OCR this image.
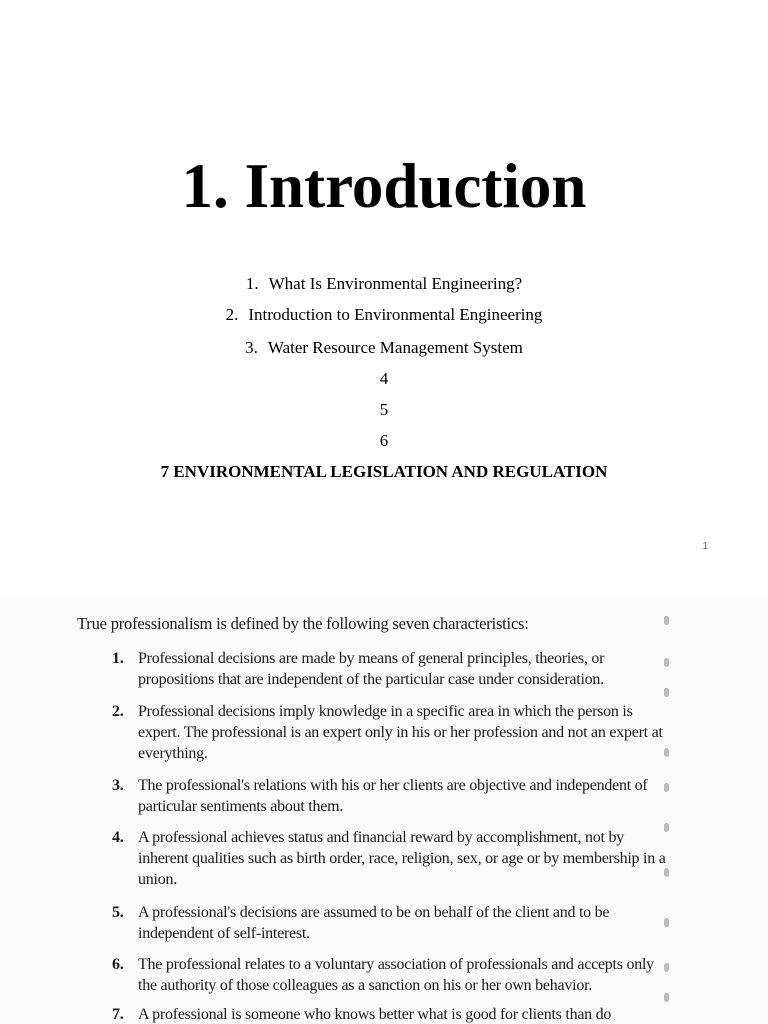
1. Introduction
1. What Is Environmental Engineering?
2. Introduction to Environmental Engineering
3. Water Resource Management System
4
5
6
7 ENVIRONMENTAL LEGISLATION AND REGULATION
1
True professionalism is defined by the following seven characteristics:
1. Professional decisions are made by means of general principles, theories, or propositions that are independent of the particular case under consideration.
2. Professional decisions imply knowledge in a specific area in which the person is expert. The professional is an expert only in his or her profession and not an expert at everything.
3. The professional's relations with his or her clients are objective and independent of particular sentiments about them.
4. A professional achieves status and financial reward by accomplishment, not by inherent qualities such as birth order, race, religion, sex, or age or by membership in a union.
5. A professional's decisions are assumed to be on behalf of the client and to be independent of self-interest.
6. The professional relates to a voluntary association of professionals and accepts only the authority of those colleagues as a sanction on his or her own behavior.
7. A professional is someone who knows better what is good for clients than do
